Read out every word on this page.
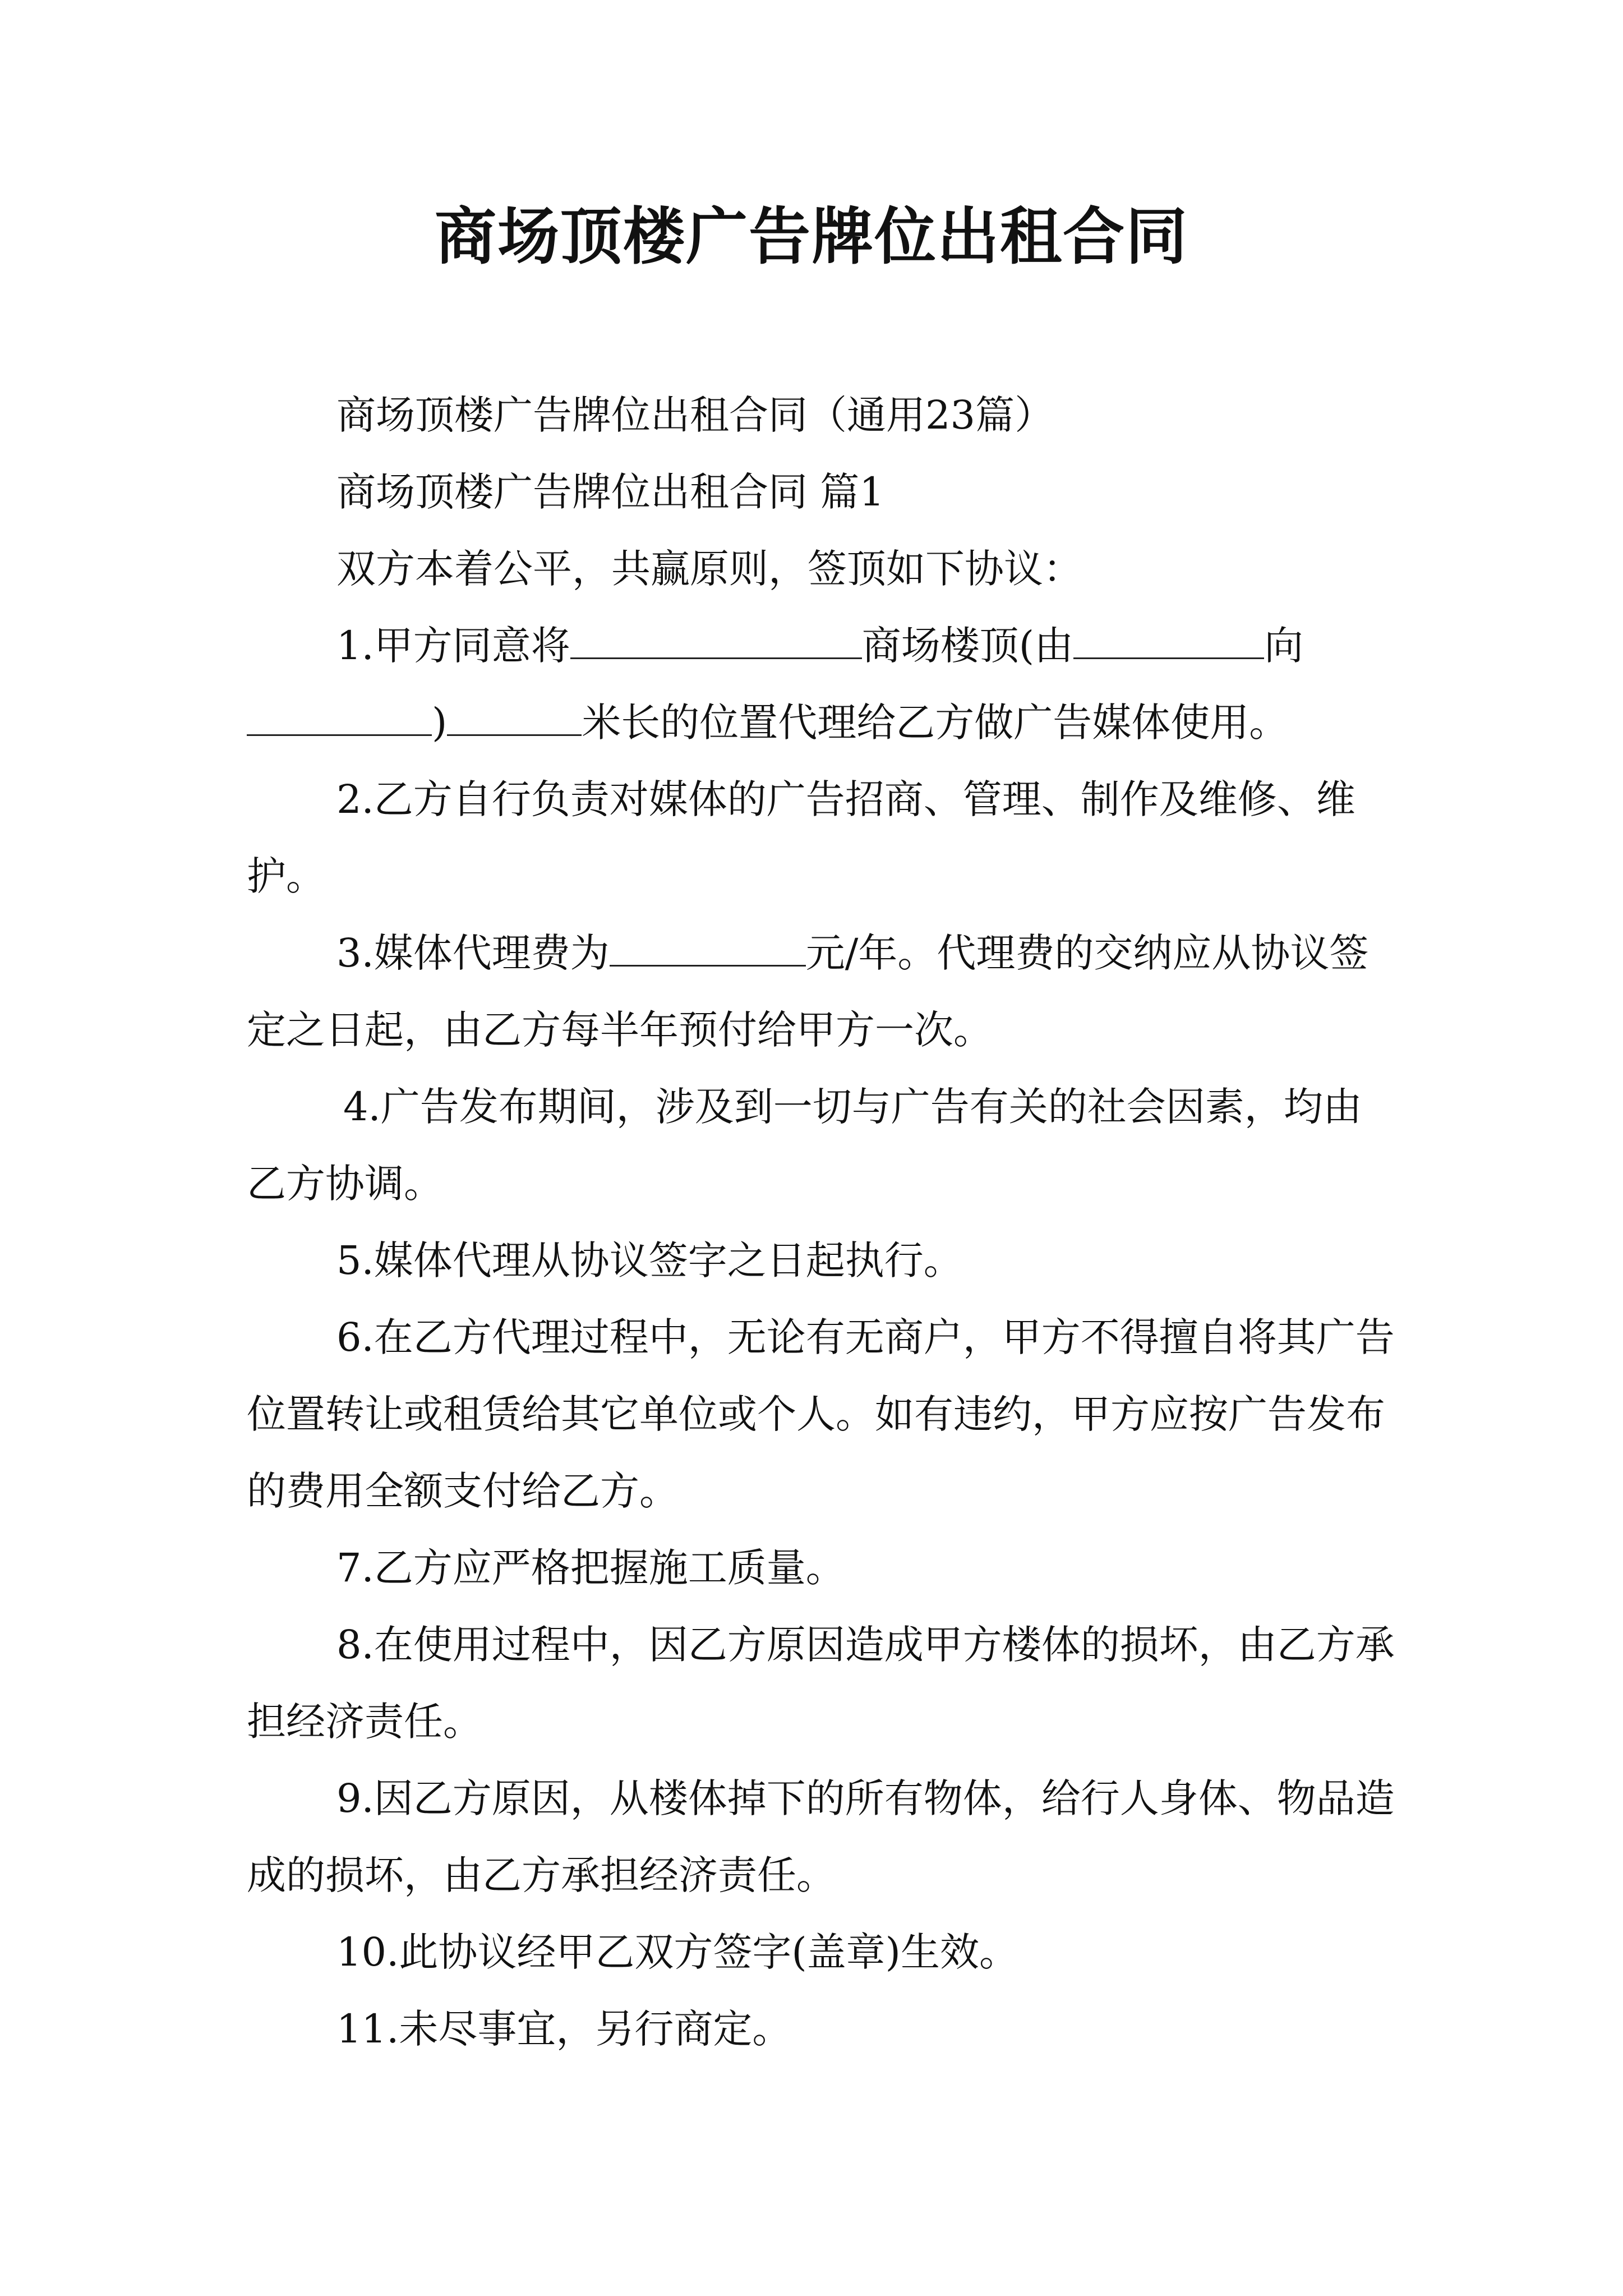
商场顶楼广告牌位出租合同

商场顶楼广告牌位出租合同（通用23篇）

商场顶楼广告牌位出租合同 篇1

双方本着公平，共赢原则，签顶如下协议：

1.甲方同意将	商场楼顶(由	向)	米长的位置代理给乙方做广告媒体使用。

2.乙方自行负责对媒体的广告招商、管理、制作及维修、维护。

3.媒体代理费为	元/年。代理费的交纳应从协议签定之日起，由乙方每半年预付给甲方一次。

4.广告发布期间，涉及到一切与广告有关的社会因素，均由乙方协调。

5.媒体代理从协议签字之日起执行。

6.在乙方代理过程中，无论有无商户，甲方不得擅自将其广告位置转让或租赁给其它单位或个人。如有违约，甲方应按广告发布的费用全额支付给乙方。

7.乙方应严格把握施工质量。

8.在使用过程中，因乙方原因造成甲方楼体的损坏，由乙方承担经济责任。

9.因乙方原因，从楼体掉下的所有物体，给行人身体、物品造成的损坏，由乙方承担经济责任。

10.此协议经甲乙双方签字(盖章)生效。

11.未尽事宜，另行商定。
